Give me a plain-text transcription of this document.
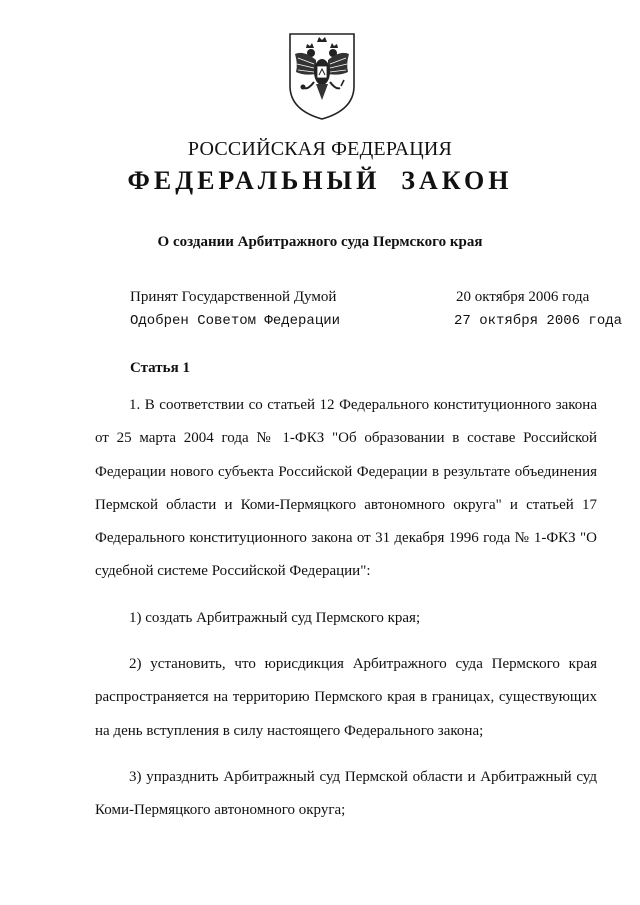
РОССИЙСКАЯ ФЕДЕРАЦИЯ
ФЕДЕРАЛЬНЫЙ  ЗАКОН
О создании Арбитражного суда Пермского края
Принят Государственной Думой	20 октября 2006 года
Одобрен Советом Федерации	27 октября 2006 года
Статья 1

1. В соответствии со статьей 12 Федерального конституционного закона от 25 марта 2004 года № 1-ФКЗ "Об образовании в составе Российской Федерации нового субъекта Российской Федерации в результате объединения Пермской области и Коми-Пермяцкого автономного округа" и статьей 17 Федерального конституционного закона от 31 декабря 1996 года № 1-ФКЗ "О судебной системе Российской Федерации":

1) создать Арбитражный суд Пермского края;

2) установить, что юрисдикция Арбитражного суда Пермского края распространяется на территорию Пермского края в границах, существующих на день вступления в силу настоящего Федерального закона;

3) упразднить Арбитражный суд Пермской области и Арбитражный суд Коми-Пермяцкого автономного округа;
